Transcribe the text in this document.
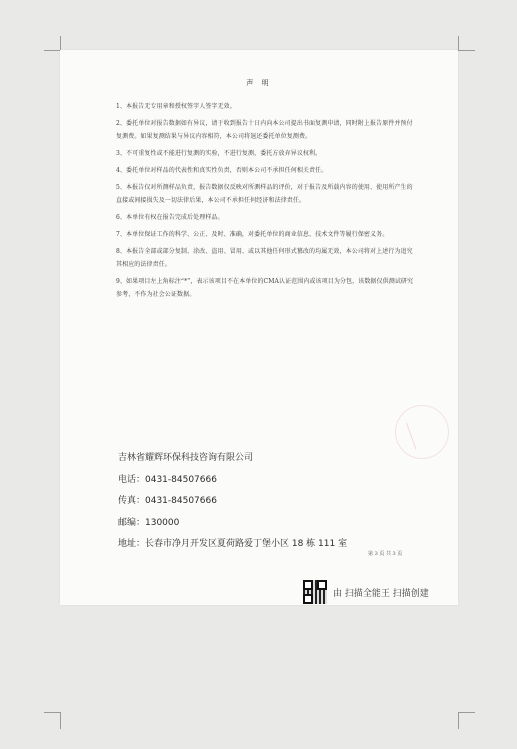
声 明

1、本报告无专用章和授权签字人签字无效。

2、委托单位对报告数据如有异议，请于收到报告十日内向本公司提出书面复测申请，同时附上报告原件并预付复测费。如果复测结果与异议内容相符，本公司将退还委托单位复测费。

3、不可重复性或不能进行复测的实验，不进行复测，委托方放弃异议权利。

4、委托单位对样品的代表性和真实性负责，否则本公司不承担任何相关责任。

5、本报告仅对所测样品负责，报告数据仅反映对所测样品的评价，对于报告及所载内容的使用、使用所产生的直接或间接损失及一切法律后果，本公司不承担任何经济和法律责任。

6、本单位有权在报告完成后处理样品。

7、本单位保证工作的科学、公正、及时、准确，对委托单位的商业信息、技术文件等履行保密义务。

8、本报告全部或部分复制、涂改、盗用、冒用、或以其他任何形式篡改的均属无效，本公司将对上述行为追究其相应的法律责任。

9、如果项目左上角标注“*”，表示该项目不在本单位的CMA认证范围内或该项目为分包，该数据仅供测试研究参考，不作为社会公证数据。

吉林省耀辉环保科技咨询有限公司
电话：0431-84507666
传真：0431-84507666
邮编：130000
地址：长春市净月开发区夏荷路爱丁堡小区 18 栋 111 室
第 3 页 共 3 页
由 扫描全能王 扫描创建
